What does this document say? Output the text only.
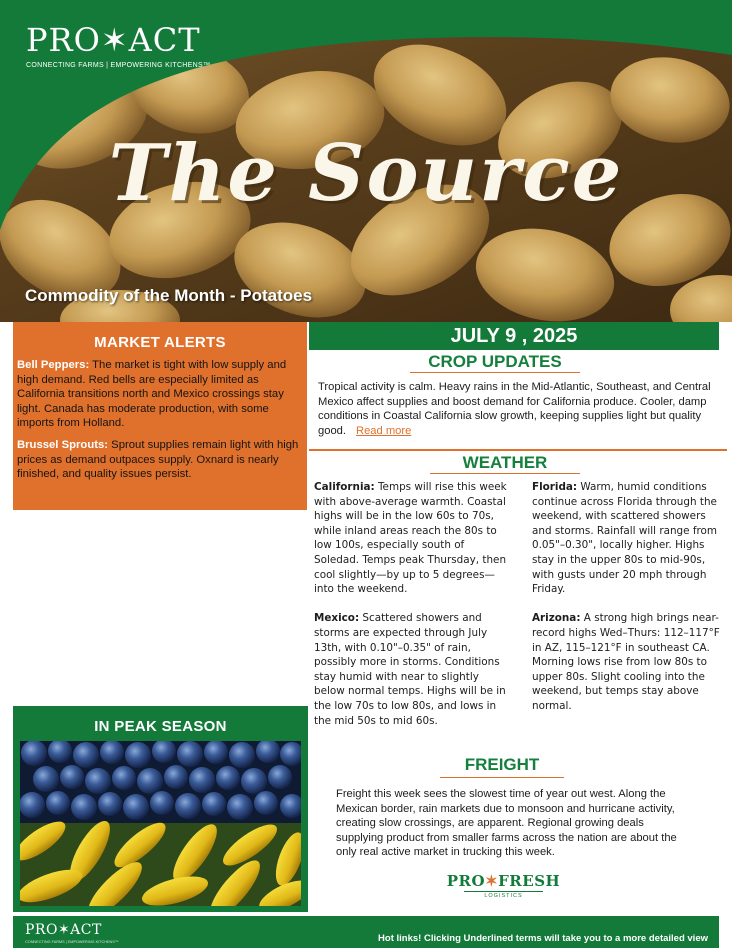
PRO✶ACT
CONNECTING FARMS | EMPOWERING KITCHENS™
The Source
Commodity of the Month - Potatoes
MARKET ALERTS

Bell Peppers: The market is tight with low supply and high demand. Red bells are especially limited as California transitions north and Mexico crossings stay light. Canada has moderate production, with some imports from Holland.

Brussel Sprouts: Sprout supplies remain light with high prices as demand outpaces supply. Oxnard is nearly finished, and quality issues persist.

JULY 9 , 2025
CROP UPDATES
Tropical activity is calm. Heavy rains in the Mid-Atlantic, Southeast, and Central Mexico affect supplies and boost demand for California produce. Cooler, damp conditions in Coastal California slow growth, keeping supplies light but quality good. Read more
WEATHER

California: Temps will rise this week with above-average warmth. Coastal highs will be in the low 60s to 70s, while inland areas reach the 80s to low 100s, especially south of Soledad. Temps peak Thursday, then cool slightly—by up to 5 degrees—into the weekend.

Mexico: Scattered showers and storms are expected through July 13th, with 0.10"–0.35" of rain, possibly more in storms. Conditions stay humid with near to slightly below normal temps. Highs will be in the low 70s to low 80s, and lows in the mid 50s to mid 60s.

Florida: Warm, humid conditions continue across Florida through the weekend, with scattered showers and storms. Rainfall will range from 0.05"–0.30", locally higher. Highs stay in the upper 80s to mid-90s, with gusts under 20 mph through Friday.

Arizona: A strong high brings near-record highs Wed–Thurs: 112–117°F in AZ, 115–121°F in southeast CA. Morning lows rise from low 80s to upper 80s. Slight cooling into the weekend, but temps stay above normal.

IN PEAK SEASON
FREIGHT
Freight this week sees the slowest time of year out west. Along the Mexican border, rain markets due to monsoon and hurricane activity, creating slow crossings, are apparent. Regional growing deals supplying product from smaller farms across the nation are about the only real active market in trucking this week.
PRO✶FRESH
LOGISTICS
PRO✶ACT
CONNECTING FARMS | EMPOWERING KITCHENS™	Hot links! Clicking Underlined terms will take you to a more detailed view
